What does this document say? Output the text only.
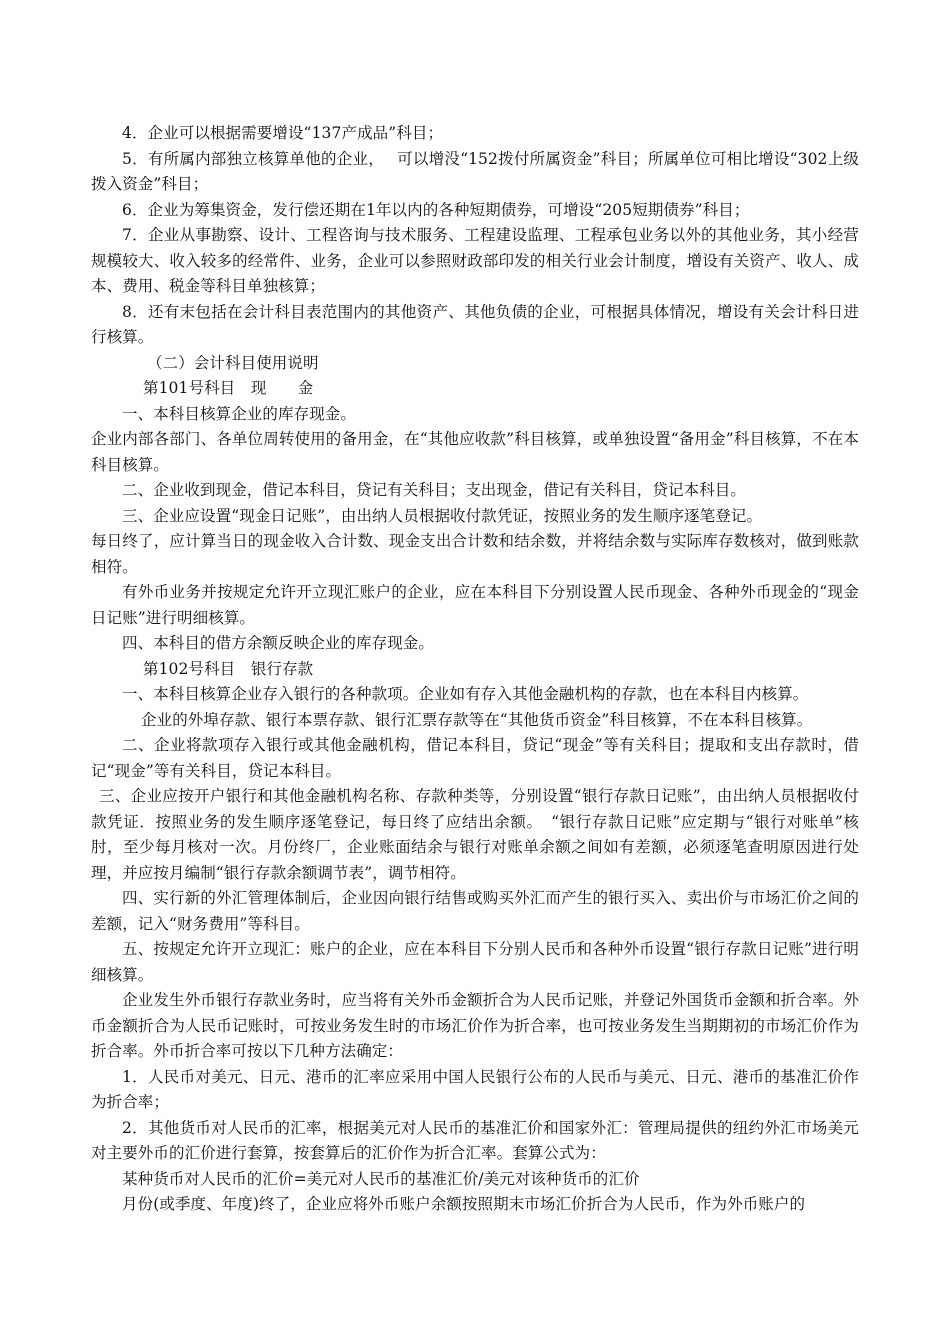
4．企业可以根据需要增设“137产成品”科目；

5．有所属内部独立核算单他的企业，　 可以增没“152拨付所属资金”科目；所属单位可相比增设“302上级拨入资金”科目；

6．企业为筹集资金，发行偿还期在1年以内的各种短期债券，可增设“205短期债券”科目；

7．企业从事勘察、设计、工程咨询与技术服务、工程建设监理、工程承包业务以外的其他业务，其小经营规模较大、收入较多的经常件、业务，企业可以参照财政部印发的相关行业会计制度，增设有关资产、收人、成本、费用、税金等科目单独核算；

8．还有末包括在会计科目表范围内的其他资产、其他负债的企业，可根据具体情况，增设有关会计科日进行核算。

（二）会计科目使用说明

第101号科目　现　　金

一、本科目核算企业的库存现金。

企业内部各部门、各单位周转使用的备用金，在“其他应收款”科目核算，或单独设置“备用金”科目核算，不在本科目核算。

二、企业收到现金，借记本科目，贷记有关科目；支出现金，借记有关科目，贷记本科目。

三、企业应设置“现金日记账”，由出纳人员根据收付款凭证，按照业务的发生顺序逐笔登记。

每日终了，应计算当日的现金收入合计数、现金支出合计数和结余数，并将结余数与实际库存数核对，做到账款相符。

有外币业务并按规定允许开立现汇账户的企业，应在本科目下分别设置人民币现金、各种外币现金的“现金日记账”进行明细核算。

四、本科目的借方余额反映企业的库存现金。

第102号科目　银行存款

一、本科目核算企业存入银行的各种款项。企业如有存入其他金融机构的存款，也在本科目内核算。

企业的外埠存款、银行本票存款、银行汇票存款等在“其他货币资金”科目核算，不在本科目核算。

二、企业将款项存入银行或其他金融机构，借记本科目，贷记“现金”等有关科目；提取和支出存款时，借记“现金”等有关科目，贷记本科目。

三、企业应按开户银行和其他金融机构名称、存款种类等，分别设置“银行存款日记账”，由出纳人员根据收付款凭证．按照业务的发生顺序逐笔登记，每日终了应结出余额。　“银行存款日记账”应定期与“银行对账单”核肘，至少每月核对一次。月份终厂，企业账面结余与银行对账单余额之间如有差额，必须逐笔查明原因进行处理，并应按月编制“银行存款余额调节表”，调节相符。

四、实行新的外汇管理体制后，企业因向银行结售或购买外汇而产生的银行买入、卖出价与市场汇价之间的差额，记入“财务费用”等科目。

五、按规定允许开立现汇：账户的企业，应在本科目下分别人民币和各种外币设置“银行存款日记账”进行明细核算。

企业发生外币银行存款业务时，应当将有关外币金额折合为人民币记账，并登记外国货币金额和折合率。外币金额折合为人民币记账时，可按业务发生时的市场汇价作为折合率，也可按业务发生当期期初的市场汇价作为折合率。外币折合率可按以下几种方法确定：

1．人民币对美元、日元、港币的汇率应采用中国人民银行公布的人民币与美元、日元、港币的基准汇价作为折合率；

2．其他货币对人民币的汇率，根据美元对人民币的基准汇价和国家外汇：管理局提供的纽约外汇市场美元对主要外币的汇价进行套算，按套算后的汇价作为折合汇率。套算公式为：

某种货币对人民币的汇价=美元对人民币的基准汇价/美元对该种货币的汇价

月份(或季度、年度)终了，企业应将外币账户余额按照期末市场汇价折合为人民币，作为外币账户的
